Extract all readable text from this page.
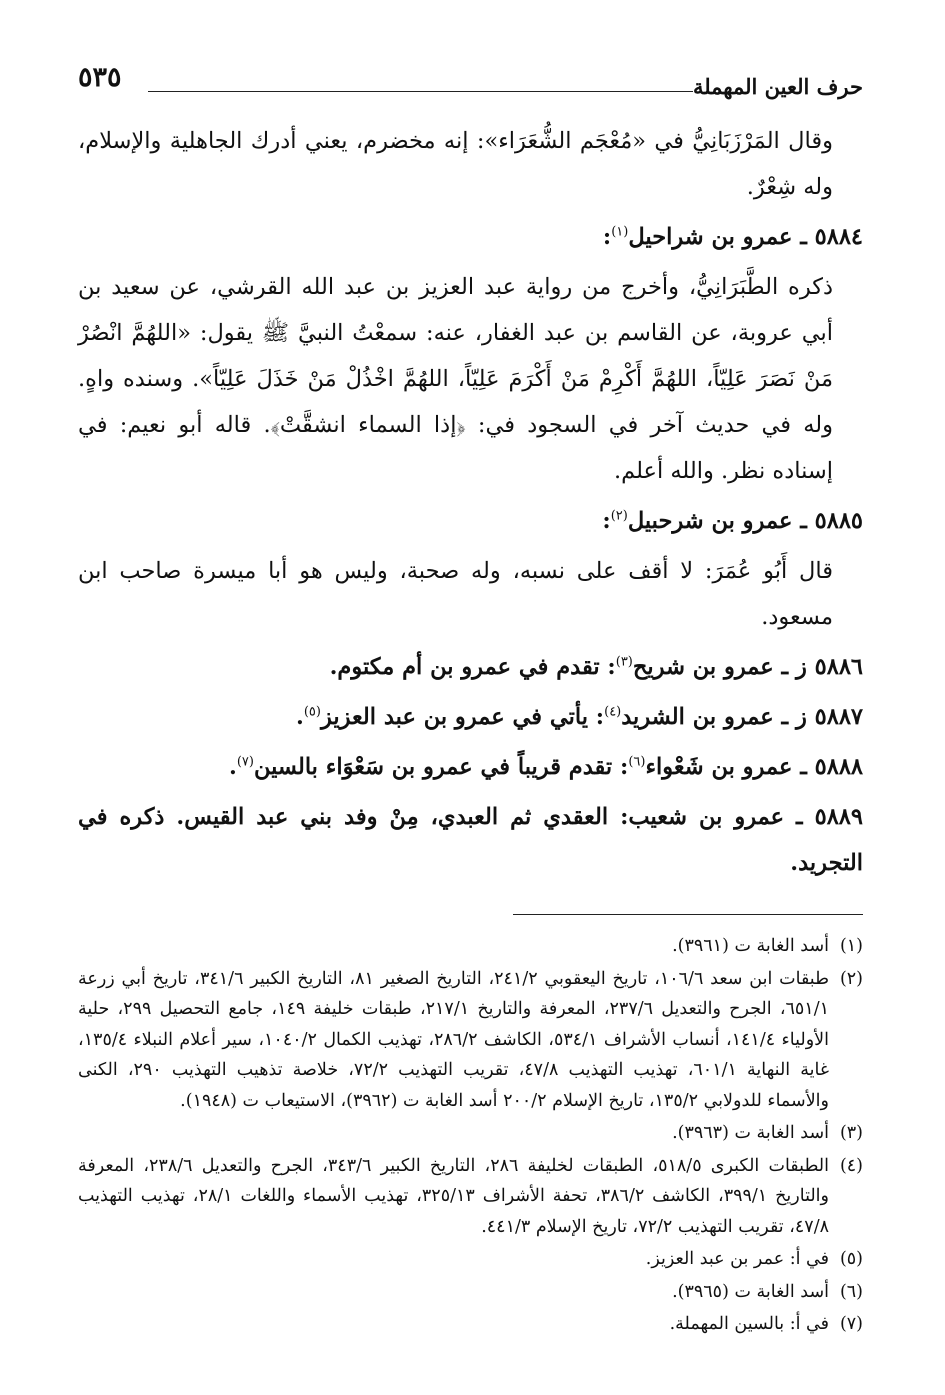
٥٣٥	حرف العين المهملة

وقال المَرْزَبَانِيُّ في «مُعْجَم الشُّعَرَاء»: إنه مخضرم، يعني أدرك الجاهلية والإسلام، وله شِعْرٌ.

٥٨٨٤ ـ عمرو بن شراحيل$^{(١)}$:

ذكره الطَّبَرَانِيُّ، وأخرج من رواية عبد العزيز بن عبد الله القرشي، عن سعيد بن أبي عروبة، عن القاسم بن عبد الغفار، عنه: سمعْتُ النبيَّ ﷺ يقول: «اللهُمَّ انْصُرْ مَنْ نَصَرَ عَلِيّاً، اللهُمَّ أَكْرِمْ مَنْ أَكْرَمَ عَلِيّاً، اللهُمَّ اخْذُلْ مَنْ خَذَلَ عَلِيّاً». وسنده واهٍ. وله في حديث آخر في السجود في: ﴿إذا السماء انشقَّتْ﴾. قاله أبو نعيم: في إسناده نظر. والله أعلم.

٥٨٨٥ ـ عمرو بن شرحبيل$^{(٢)}$:

قال أَبُو عُمَرَ: لا أقف على نسبه، وله صحبة، وليس هو أبا ميسرة صاحب ابن مسعود.

٥٨٨٦ ز ـ عمرو بن شريح$^{(٣)}$: تقدم في عمرو بن أم مكتوم.

٥٨٨٧ ز ـ عمرو بن الشريد$^{(٤)}$: يأتي في عمرو بن عبد العزيز$^{(٥)}$.

٥٨٨٨ ـ عمرو بن شَعْواء$^{(٦)}$: تقدم قريباً في عمرو بن سَعْوَاء بالسين$^{(٧)}$.

٥٨٨٩ ـ عمرو بن شعيب: العقدي ثم العبدي، مِنْ وفد بني عبد القيس. ذكره في التجريد.

(١)
أسد الغابة ت (٣٩٦١).
(٢)
طبقات ابن سعد ١٠٦/٦، تاريخ اليعقوبي ٢٤١/٢، التاريخ الصغير ٨١، التاريخ الكبير ٣٤١/٦، تاريخ أبي زرعة ٦٥١/١، الجرح والتعديل ٢٣٧/٦، المعرفة والتاريخ ٢١٧/١، طبقات خليفة ١٤٩، جامع التحصيل ٢٩٩، حلية الأولياء ١٤١/٤، أنساب الأشراف ٥٣٤/١، الكاشف ٢٨٦/٢، تهذيب الكمال ١٠٤٠/٢، سير أعلام النبلاء ١٣٥/٤، غاية النهاية ٦٠١/١، تهذيب التهذيب ٤٧/٨، تقريب التهذيب ٧٢/٢، خلاصة تذهيب التهذيب ٢٩٠، الكنى والأسماء للدولابي ١٣٥/٢، تاريخ الإسلام ٢٠٠/٢ أسد الغابة ت (٣٩٦٢)، الاستيعاب ت (١٩٤٨).
(٣)
أسد الغابة ت (٣٩٦٣).
(٤)
الطبقات الكبرى ٥١٨/٥، الطبقات لخليفة ٢٨٦، التاريخ الكبير ٣٤٣/٦، الجرح والتعديل ٢٣٨/٦، المعرفة والتاريخ ٣٩٩/١، الكاشف ٣٨٦/٢، تحفة الأشراف ٣٢٥/١٣، تهذيب الأسماء واللغات ٢٨/١، تهذيب التهذيب ٤٧/٨، تقريب التهذيب ٧٢/٢، تاريخ الإسلام ٤٤١/٣.
(٥)
في أ: عمر بن عبد العزيز.
(٦)
أسد الغابة ت (٣٩٦٥).
(٧)
في أ: بالسين المهملة.
